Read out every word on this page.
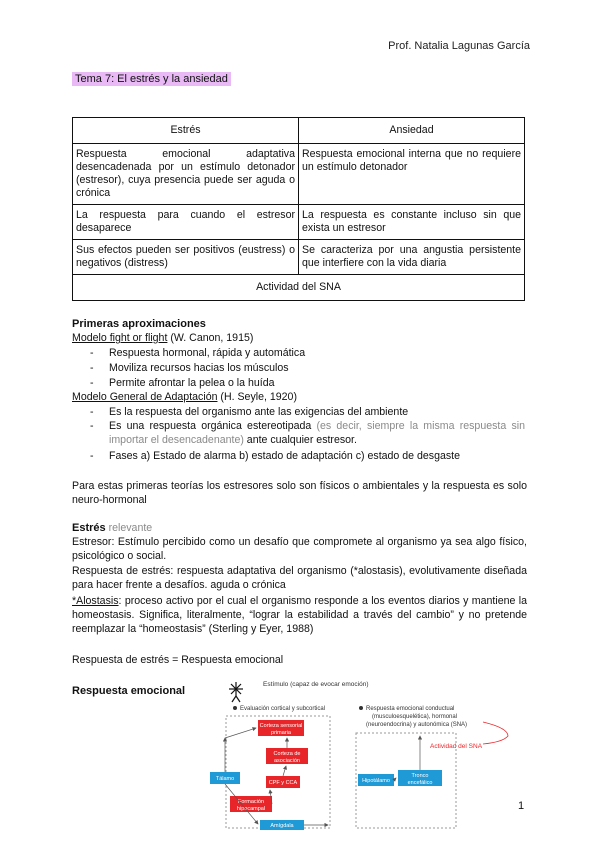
Prof. Natalia Lagunas García
Tema 7: El estrés y la ansiedad
Estrés	Ansiedad
Respuesta emocional adaptativa desencadenada por un estímulo detonador (estresor), cuya presencia puede ser aguda o crónica	Respuesta emocional interna que no requiere un estímulo detonador
La respuesta para cuando el estresor desaparece	La respuesta es constante incluso sin que exista un estresor
Sus efectos pueden ser positivos (eustress) o negativos (distress)	Se caracteriza por una angustia persistente que interfiere con la vida diaria
Actividad del SNA	
Primeras aproximaciones
Modelo fight or flight (W. Canon, 1915)
- Respuesta hormonal, rápida y automática
- Moviliza recursos hacias los músculos
- Permite afrontar la pelea o la huída
Modelo General de Adaptación (H. Seyle, 1920)
- Es la respuesta del organismo ante las exigencias del ambiente
- Es una respuesta orgánica estereotipada (es decir, siempre la misma respuesta sin importar el desencadenante) ante cualquier estresor.
- Fases a) Estado de alarma b) estado de adaptación c) estado de desgaste
Para estas primeras teorías los estresores solo son físicos o ambientales y la respuesta es solo neuro-hormonal
Estrés relevante
Estresor: Estímulo percibido como un desafío que compromete al organismo ya sea algo físico, psicológico o social.
Respuesta de estrés: respuesta adaptativa del organismo (*alostasis), evolutivamente diseñada para hacer frente a desafíos. aguda o crónica
*Alostasis: proceso activo por el cual el organismo responde a los eventos diarios y mantiene la homeostasis. Significa, literalmente, “lograr la estabilidad a través del cambio” y no pretende reemplazar la “homeostasis” (Sterling y Eyer, 1988)
Respuesta de estrés = Respuesta emocional
Respuesta emocional
Estímulo (capaz de evocar emoción)
Evaluación cortical y subcortical	Respuesta emocional conductual
(musculoesquelética), hormonal
(neuroendocrina) y autonómica (SNA)
Actividad del SNA
Corteza sensorial
primaria
Corteza de
asociación
CPF y CCA
Formación
hipocampal
Tálamo	Hipotálamo
Tronco
encefálico
Amígdala
1
